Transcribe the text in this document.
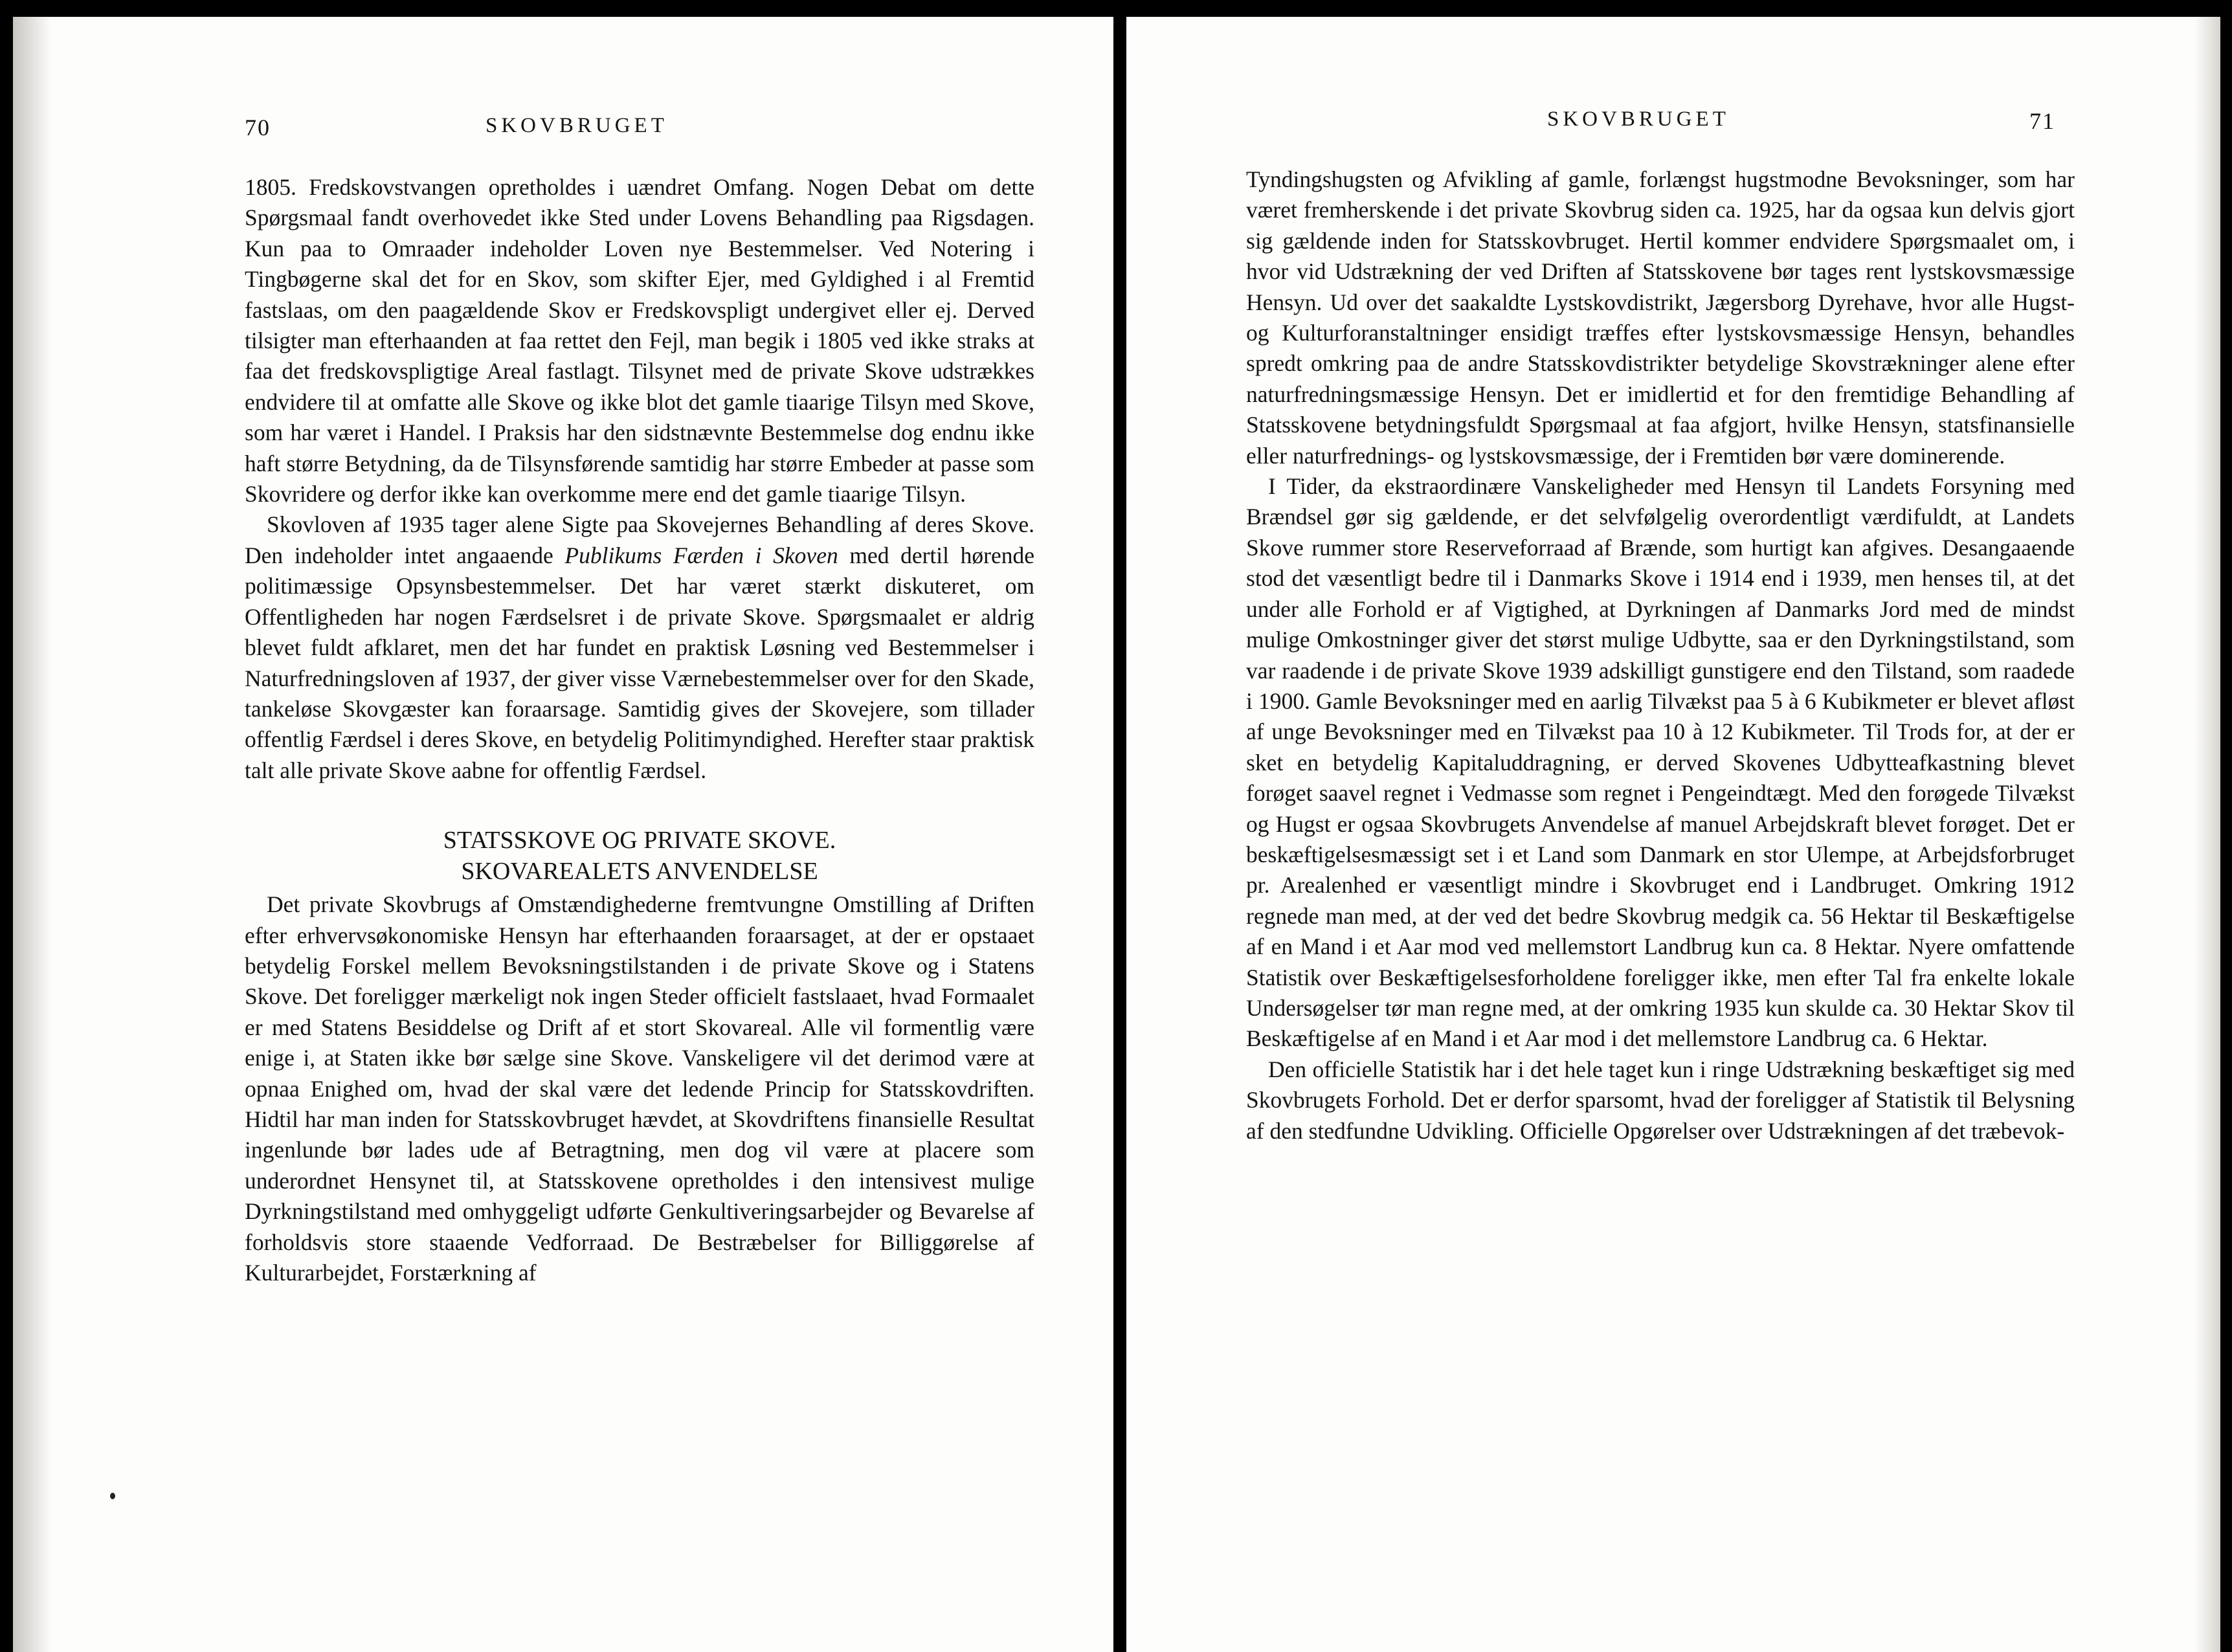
70	SKOVBRUGET

1805. Fredskovstvangen opretholdes i uændret Omfang. Nogen Debat om dette Spørgsmaal fandt overhovedet ikke Sted under Lovens Behandling paa Rigsdagen. Kun paa to Omraader indeholder Loven nye Bestemmelser. Ved Notering i Tingbøgerne skal det for en Skov, som skifter Ejer, med Gyldighed i al Fremtid fastslaas, om den paagældende Skov er Fredskovspligt undergivet eller ej. Derved tilsigter man efterhaanden at faa rettet den Fejl, man begik i 1805 ved ikke straks at faa det fredskovspligtige Areal fastlagt. Tilsynet med de private Skove udstrækkes endvidere til at omfatte alle Skove og ikke blot det gamle tiaarige Tilsyn med Skove, som har været i Handel. I Praksis har den sidstnævnte Bestemmelse dog endnu ikke haft større Betydning, da de Tilsynsførende samtidig har større Embeder at passe som Skovridere og derfor ikke kan overkomme mere end det gamle tiaarige Tilsyn.

Skovloven af 1935 tager alene Sigte paa Skovejernes Behandling af deres Skove. Den indeholder intet angaaende Publikums Færden i Skoven med dertil hørende politimæssige Opsynsbestemmelser. Det har været stærkt diskuteret, om Offentligheden har nogen Færdselsret i de private Skove. Spørgsmaalet er aldrig blevet fuldt afklaret, men det har fundet en praktisk Løsning ved Bestemmelser i Naturfredningsloven af 1937, der giver visse Værnebestemmelser over for den Skade, tankeløse Skovgæster kan foraarsage. Samtidig gives der Skovejere, som tillader offentlig Færdsel i deres Skove, en betydelig Politimyndighed. Herefter staar praktisk talt alle private Skove aabne for offentlig Færdsel.

STATSSKOVE OG PRIVATE SKOVE.
SKOVAREALETS ANVENDELSE

Det private Skovbrugs af Omstændighederne fremtvungne Omstilling af Driften efter erhvervsøkonomiske Hensyn har efterhaanden foraarsaget, at der er opstaaet betydelig Forskel mellem Bevoksningstilstanden i de private Skove og i Statens Skove. Det foreligger mærkeligt nok ingen Steder officielt fastslaaet, hvad Formaalet er med Statens Besiddelse og Drift af et stort Skovareal. Alle vil formentlig være enige i, at Staten ikke bør sælge sine Skove. Vanskeligere vil det derimod være at opnaa Enighed om, hvad der skal være det ledende Princip for Statsskovdriften. Hidtil har man inden for Statsskovbruget hævdet, at Skovdriftens finansielle Resultat ingenlunde bør lades ude af Betragtning, men dog vil være at placere som underordnet Hensynet til, at Statsskovene opretholdes i den intensivest mulige Dyrkningstilstand med omhyggeligt udførte Genkultiveringsarbejder og Bevarelse af forholdsvis store staaende Vedforraad. De Bestræbelser for Billiggørelse af Kulturarbejdet, Forstærkning af

SKOVBRUGET	71

Tyndingshugsten og Afvikling af gamle, forlængst hugstmodne Bevoksninger, som har været fremherskende i det private Skovbrug siden ca. 1925, har da ogsaa kun delvis gjort sig gældende inden for Statsskovbruget. Hertil kommer endvidere Spørgsmaalet om, i hvor vid Udstrækning der ved Driften af Statsskovene bør tages rent lystskovsmæssige Hensyn. Ud over det saakaldte Lystskovdistrikt, Jægersborg Dyrehave, hvor alle Hugst- og Kulturforanstaltninger ensidigt træffes efter lystskovsmæssige Hensyn, behandles spredt omkring paa de andre Statsskovdistrikter betydelige Skovstrækninger alene efter naturfredningsmæssige Hensyn. Det er imidlertid et for den fremtidige Behandling af Statsskovene betydningsfuldt Spørgsmaal at faa afgjort, hvilke Hensyn, statsfinansielle eller naturfrednings- og lystskovsmæssige, der i Fremtiden bør være dominerende.

I Tider, da ekstraordinære Vanskeligheder med Hensyn til Landets Forsyning med Brændsel gør sig gældende, er det selvfølgelig overordentligt værdifuldt, at Landets Skove rummer store Reserveforraad af Brænde, som hurtigt kan afgives. Desangaaende stod det væsentligt bedre til i Danmarks Skove i 1914 end i 1939, men henses til, at det under alle Forhold er af Vigtighed, at Dyrkningen af Danmarks Jord med de mindst mulige Omkostninger giver det størst mulige Udbytte, saa er den Dyrkningstilstand, som var raadende i de private Skove 1939 adskilligt gunstigere end den Tilstand, som raadede i 1900. Gamle Bevoksninger med en aarlig Tilvækst paa 5 à 6 Kubikmeter er blevet afløst af unge Bevoksninger med en Tilvækst paa 10 à 12 Kubikmeter. Til Trods for, at der er sket en betydelig Kapitaluddragning, er derved Skovenes Udbytteafkastning blevet forøget saavel regnet i Vedmasse som regnet i Pengeindtægt. Med den forøgede Tilvækst og Hugst er ogsaa Skovbrugets Anvendelse af manuel Arbejdskraft blevet forøget. Det er beskæftigelsesmæssigt set i et Land som Danmark en stor Ulempe, at Arbejdsforbruget pr. Arealenhed er væsentligt mindre i Skovbruget end i Landbruget. Omkring 1912 regnede man med, at der ved det bedre Skovbrug medgik ca. 56 Hektar til Beskæftigelse af en Mand i et Aar mod ved mellemstort Landbrug kun ca. 8 Hektar. Nyere omfattende Statistik over Beskæftigelsesforholdene foreligger ikke, men efter Tal fra enkelte lokale Undersøgelser tør man regne med, at der omkring 1935 kun skulde ca. 30 Hektar Skov til Beskæftigelse af en Mand i et Aar mod i det mellemstore Landbrug ca. 6 Hektar.

Den officielle Statistik har i det hele taget kun i ringe Udstrækning beskæftiget sig med Skovbrugets Forhold. Det er derfor sparsomt, hvad der foreligger af Statistik til Belysning af den stedfundne Udvikling. Officielle Opgørelser over Udstrækningen af det træbevok-
